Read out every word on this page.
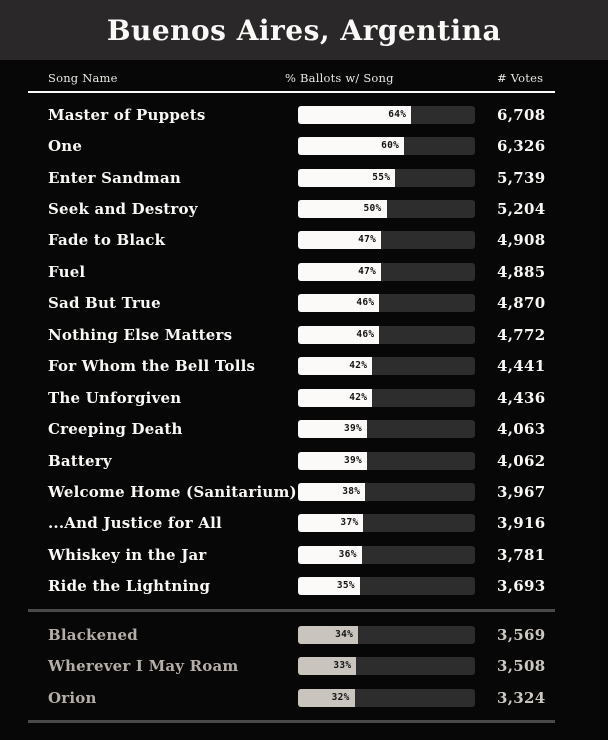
Buenos Aires, Argentina
Song Name	% Ballots w/ Song	# Votes
Master of Puppets	64%	6,708
One	60%	6,326
Enter Sandman	55%	5,739
Seek and Destroy	50%	5,204
Fade to Black	47%	4,908
Fuel	47%	4,885
Sad But True	46%	4,870
Nothing Else Matters	46%	4,772
For Whom the Bell Tolls	42%	4,441
The Unforgiven	42%	4,436
Creeping Death	39%	4,063
Battery	39%	4,062
Welcome Home (Sanitarium)	38%	3,967
...And Justice for All	37%	3,916
Whiskey in the Jar	36%	3,781
Ride the Lightning	35%	3,693
Blackened	34%	3,569
Wherever I May Roam	33%	3,508
Orion	32%	3,324
